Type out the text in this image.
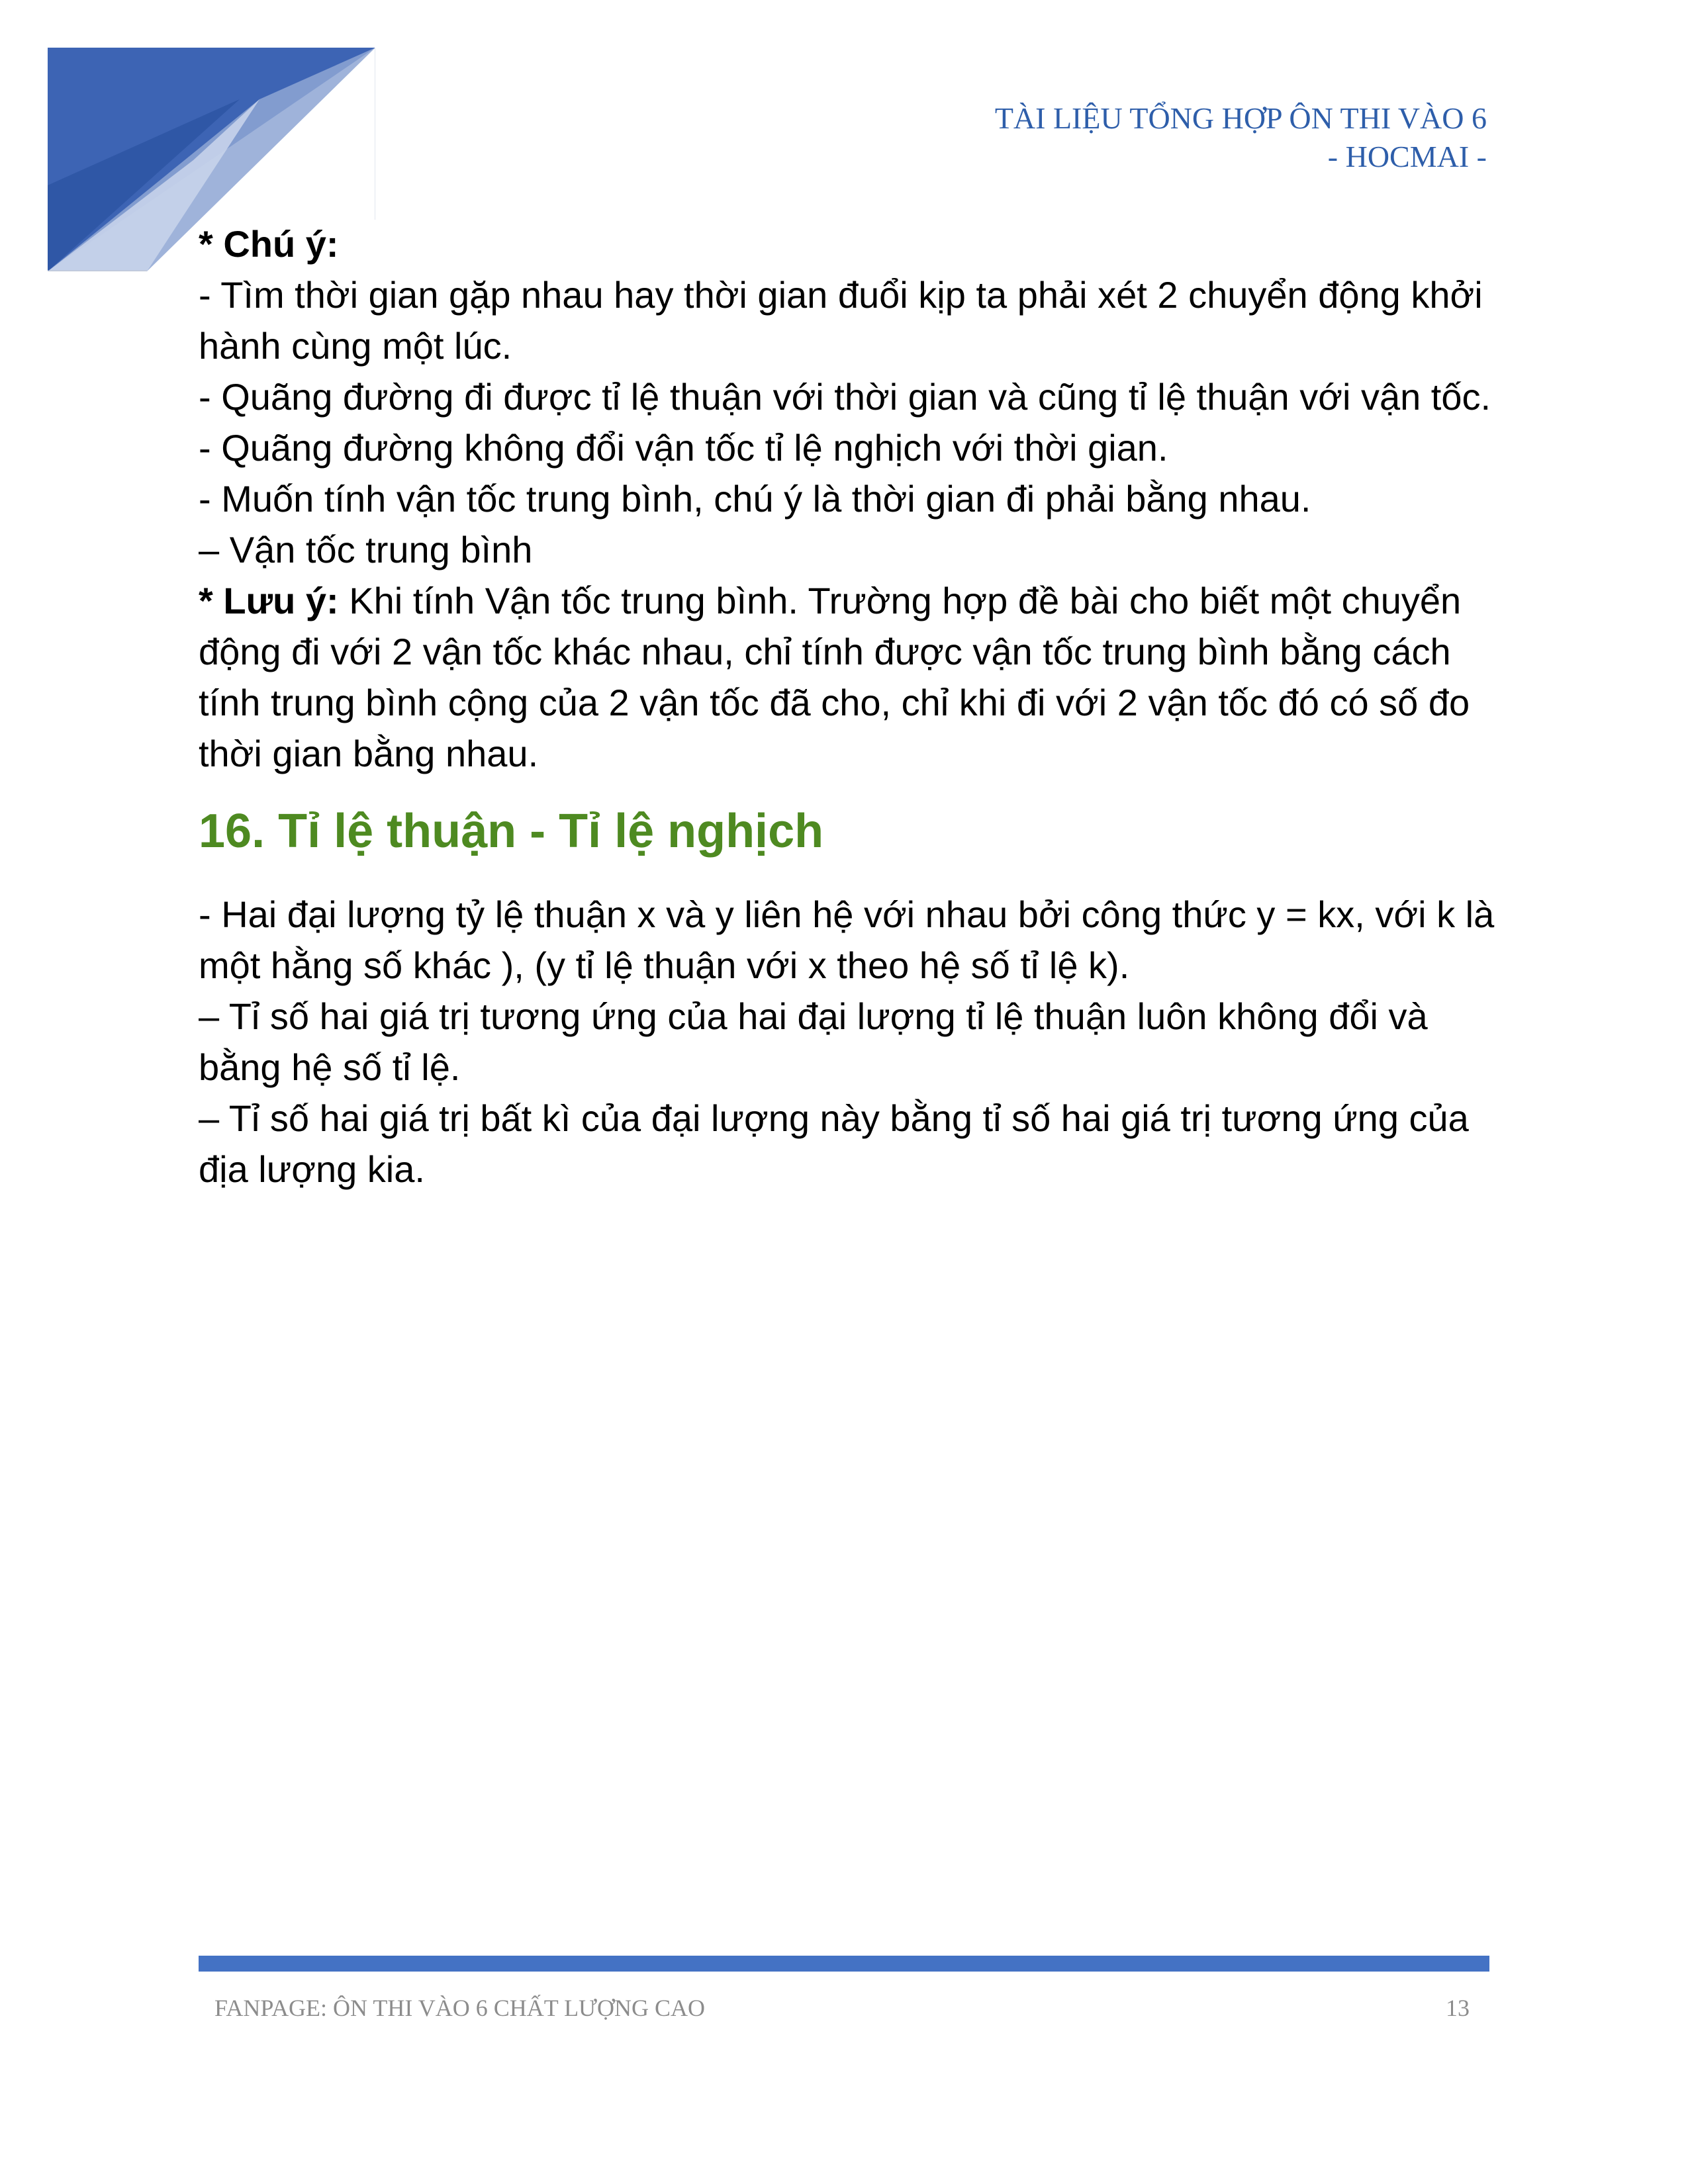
TÀI LIỆU TỔNG HỢP ÔN THI VÀO 6
- HOCMAI -

* Chú ý:

- Tìm thời gian gặp nhau hay thời gian đuổi kịp ta phải xét 2 chuyển động khởi hành cùng một lúc.

- Quãng đường đi được tỉ lệ thuận với thời gian và cũng tỉ lệ thuận với vận tốc.

- Quãng đường không đổi vận tốc tỉ lệ nghịch với thời gian.

- Muốn tính vận tốc trung bình, chú ý là thời gian đi phải bằng nhau.

– Vận tốc trung bình

* Lưu ý: Khi tính Vận tốc trung bình. Trường hợp đề bài cho biết một chuyển động đi với 2 vận tốc khác nhau, chỉ tính được vận tốc trung bình bằng cách tính trung bình cộng của 2 vận tốc đã cho, chỉ khi đi với 2 vận tốc đó có số đo thời gian bằng nhau.

16. Tỉ lệ thuận - Tỉ lệ nghịch

- Hai đại lượng tỷ lệ thuận x và y liên hệ với nhau bởi công thức y = kx, với k là một hằng số khác ), (y tỉ lệ thuận với x theo hệ số tỉ lệ k).

– Tỉ số hai giá trị tương ứng của hai đại lượng tỉ lệ thuận luôn không đổi và bằng hệ số tỉ lệ.

– Tỉ số hai giá trị bất kì của đại lượng này bằng tỉ số hai giá trị tương ứng của địa lượng kia.

FANPAGE: ÔN THI VÀO 6 CHẤT LƯỢNG CAO	13
